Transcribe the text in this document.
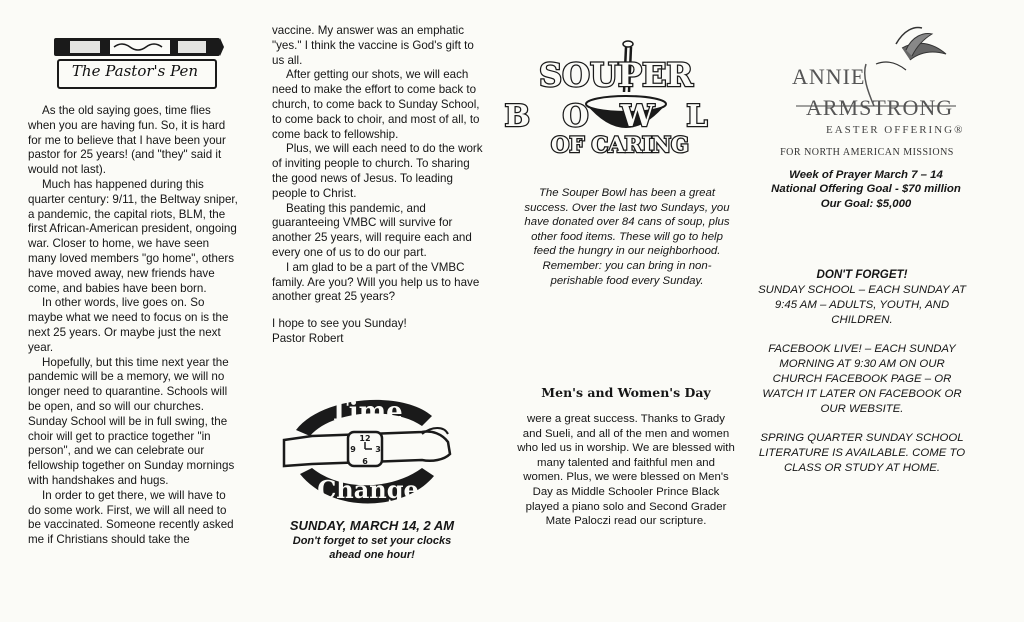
The Pastor's Pen

As the old saying goes, time flies when you are having fun. So, it is hard for me to believe that I have been your pastor for 25 years! (and "they" said it would not last).

Much has happened during this quarter century: 9/11, the Beltway sniper, a pandemic, the capital riots, BLM, the first African-American president, ongoing war. Closer to home, we have seen many loved members "go home", others have moved away, new friends have come, and babies have been born.

In other words, live goes on. So maybe what we need to focus on is the next 25 years. Or maybe just the next year.

Hopefully, but this time next year the pandemic will be a memory, we will no longer need to quarantine. Schools will be open, and so will our churches. Sunday School will be in full swing, the choir will get to practice together "in person", and we can celebrate our fellowship together on Sunday mornings with handshakes and hugs.

In order to get there, we will have to do some work. First, we will all need to be vaccinated. Someone recently asked me if Christians should take the

vaccine. My answer was an emphatic "yes." I think the vaccine is God's gift to us all.

After getting our shots, we will each need to make the effort to come back to church, to come back to Sunday School, to come back to choir, and most of all, to come back to fellowship.

Plus, we will each need to do the work of inviting people to church. To sharing the good news of Jesus. To leading people to Christ.

Beating this pandemic, and guaranteeing VMBC will survive for another 25 years, will require each and every one of us to do our part.

I am glad to be a part of the VMBC family. Are you? Will you help us to have another great 25 years?

I hope to see you Sunday!

Pastor Robert

Time
Change
12
3
6
9

SUNDAY, MARCH 14, 2 AM

Don't forget to set your clocks ahead one hour!

SOUPER
BOWL
OF CARING

The Souper Bowl has been a great success. Over the last two Sundays, you have donated over 84 cans of soup, plus other food items. These will go to help feed the hungry in our neighborhood. Remember: you can bring in non-perishable food every Sunday.

Men's and Women's Day

were a great success. Thanks to Grady and Sueli, and all of the men and women who led us in worship. We are blessed with many talented and faithful men and women. Plus, we were blessed on Men's Day as Middle Schooler Prince Black played a piano solo and Second Grader Mate Paloczi read our scripture.

ANNIE
ARMSTRONG
EASTER OFFERING®
FOR NORTH AMERICAN MISSIONS

Week of Prayer March 7 – 14

National Offering Goal - $70 million

Our Goal: $5,000

DON'T FORGET!

SUNDAY SCHOOL – EACH SUNDAY AT 9:45 AM – ADULTS, YOUTH, AND CHILDREN.

FACEBOOK LIVE! – EACH SUNDAY MORNING AT 9:30 AM ON OUR CHURCH FACEBOOK PAGE – OR WATCH IT LATER ON FACEBOOK OR OUR WEBSITE.

SPRING QUARTER SUNDAY SCHOOL LITERATURE IS AVAILABLE. COME TO CLASS OR STUDY AT HOME.
